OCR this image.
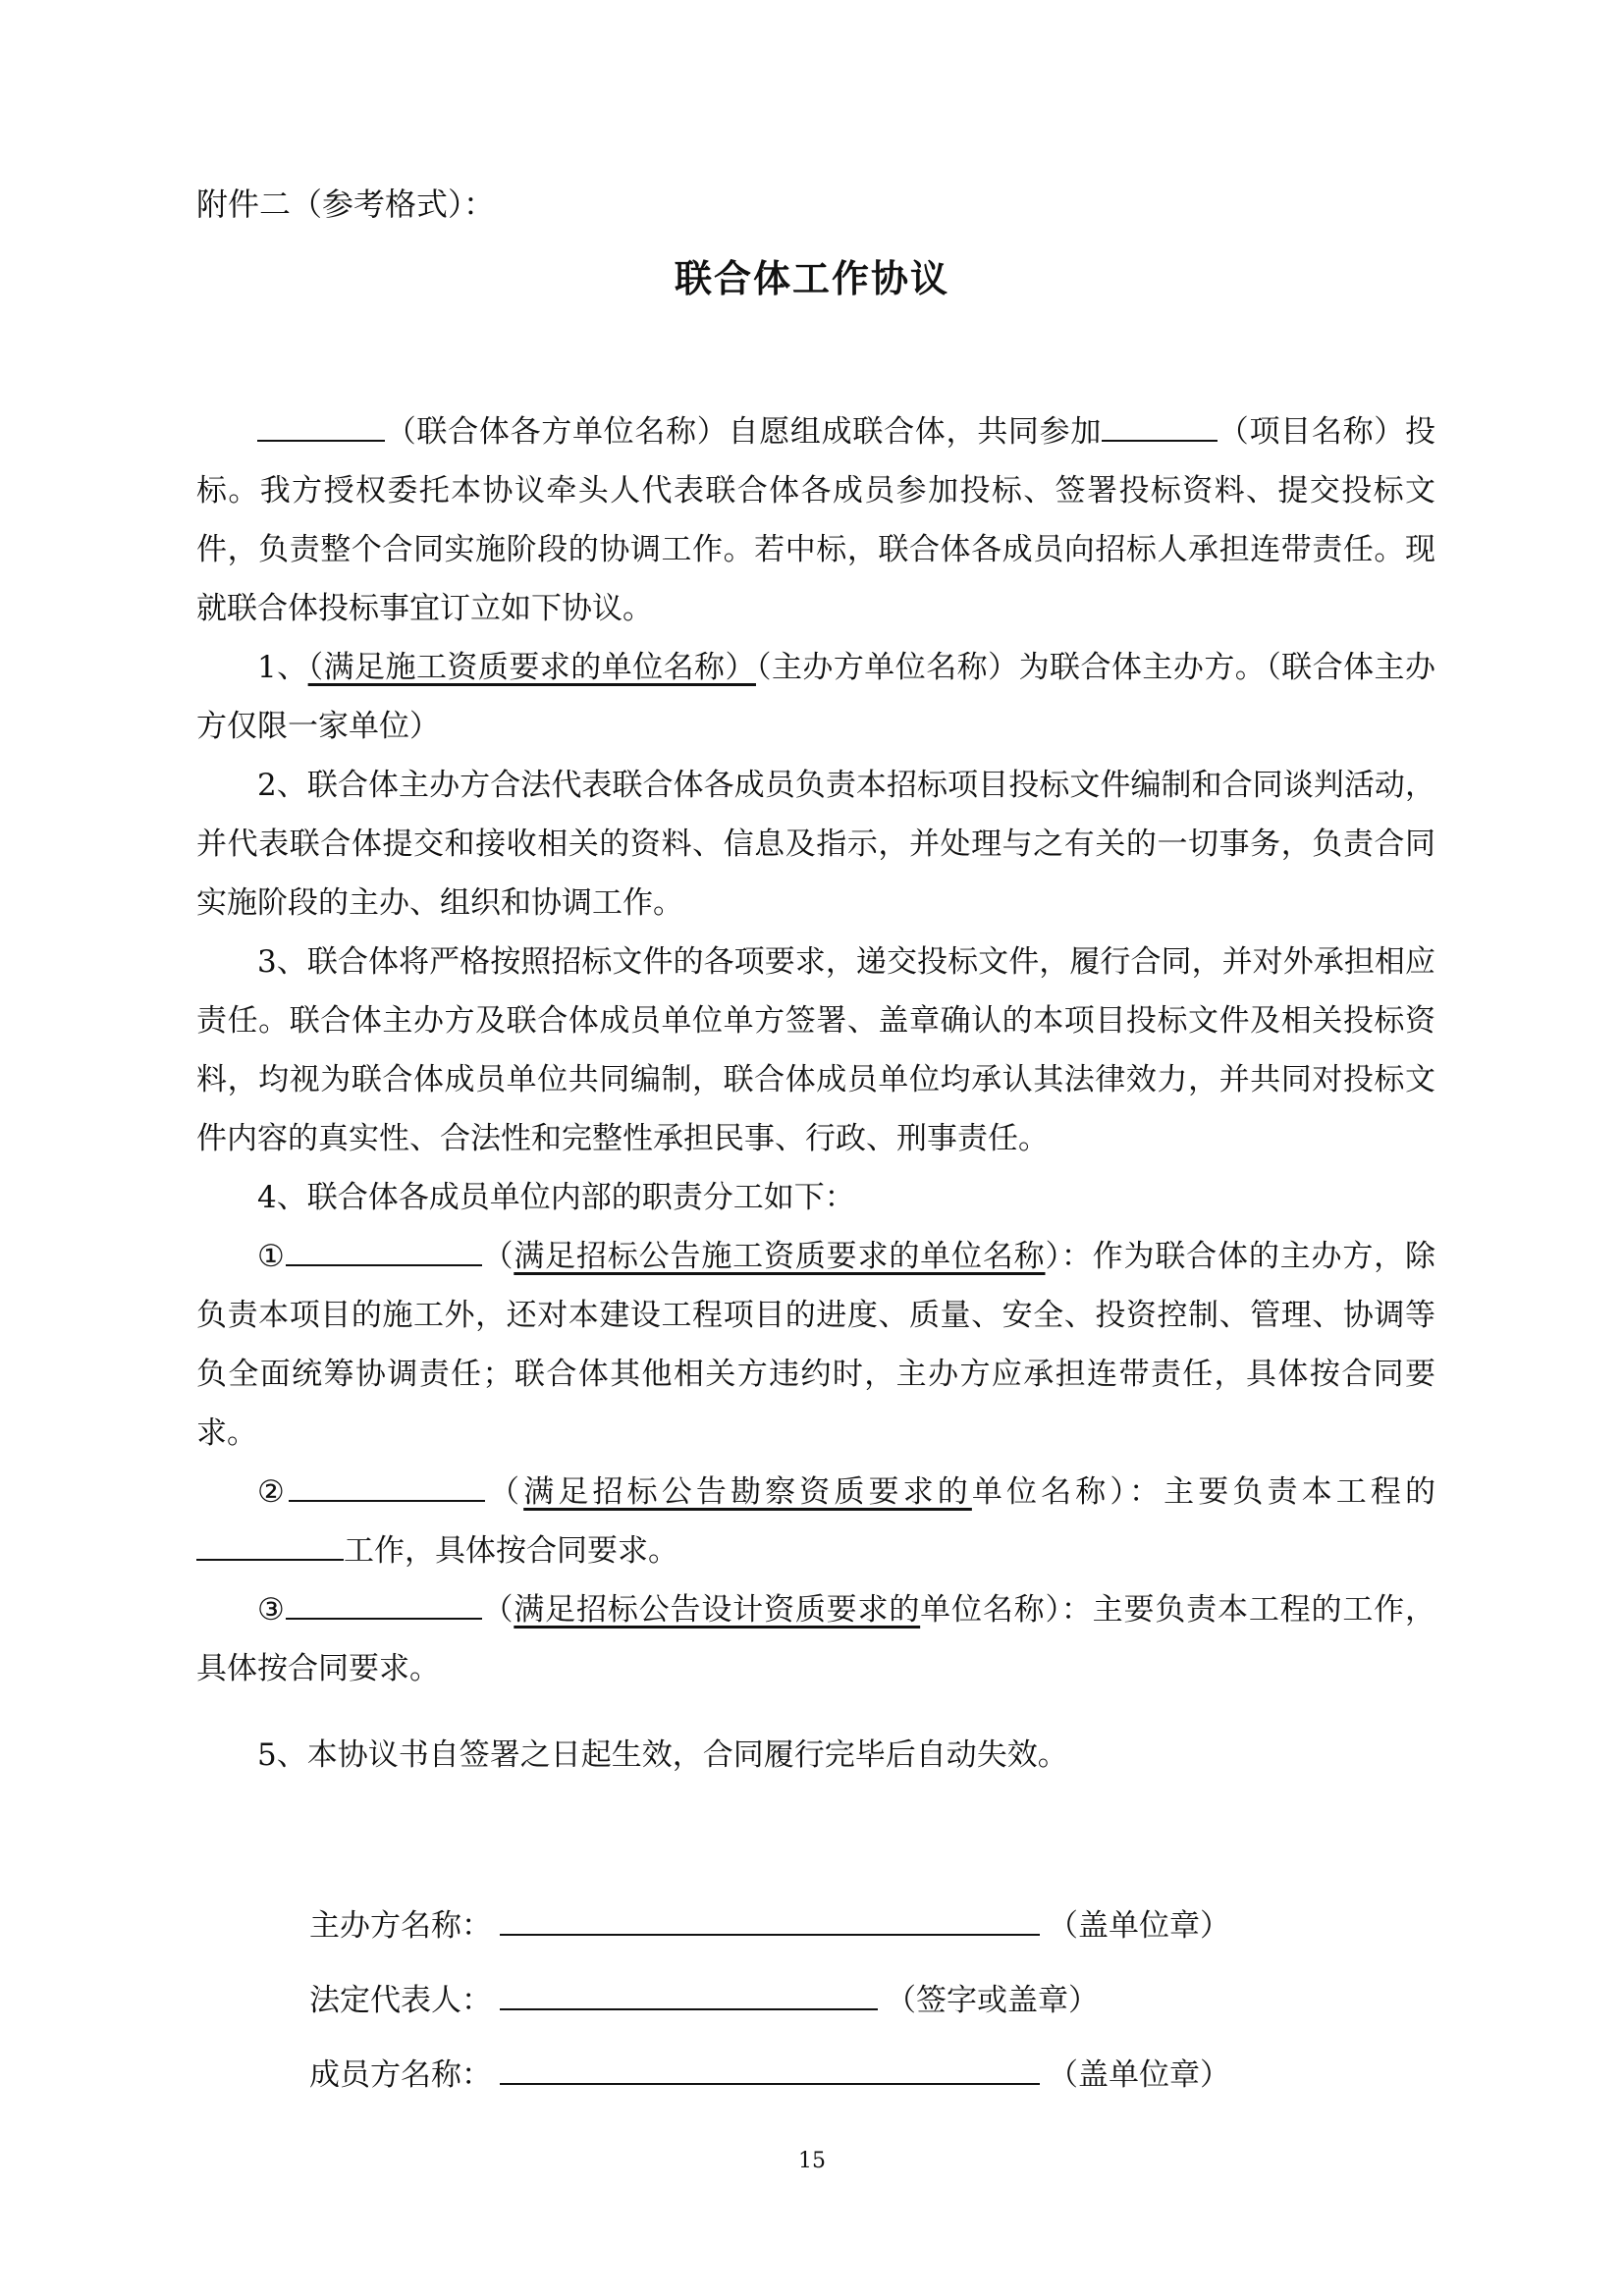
附件二（参考格式）：
联合体工作协议

（联合体各方单位名称）自愿组成联合体，共同参加	（项目名称）投标。我方授权委托本协议牵头人代表联合体各成员参加投标、签署投标资料、提交投标文件，负责整个合同实施阶段的协调工作。若中标，联合体各成员向招标人承担连带责任。现就联合体投标事宜订立如下协议。

1、（满足施工资质要求的单位名称）（主办方单位名称）为联合体主办方。（联合体主办方仅限一家单位）

2、联合体主办方合法代表联合体各成员负责本招标项目投标文件编制和合同谈判活动，并代表联合体提交和接收相关的资料、信息及指示，并处理与之有关的一切事务，负责合同实施阶段的主办、组织和协调工作。

3、联合体将严格按照招标文件的各项要求，递交投标文件，履行合同，并对外承担相应责任。联合体主办方及联合体成员单位单方签署、盖章确认的本项目投标文件及相关投标资料，均视为联合体成员单位共同编制，联合体成员单位均承认其法律效力，并共同对投标文件内容的真实性、合法性和完整性承担民事、行政、刑事责任。

4、联合体各成员单位内部的职责分工如下：

①	（满足招标公告施工资质要求的单位名称）：作为联合体的主办方，除负责本项目的施工外，还对本建设工程项目的进度、质量、安全、投资控制、管理、协调等负全面统筹协调责任；联合体其他相关方违约时，主办方应承担连带责任，具体按合同要求。

②	（满足招标公告勘察资质要求的单位名称）：主要负责本工程的工作，具体按合同要求。

③	（满足招标公告设计资质要求的单位名称）：主要负责本工程的工作，具体按合同要求。

5、本协议书自签署之日起生效，合同履行完毕后自动失效。

主办方名称：	（盖单位章）
法定代表人：	（签字或盖章）
成员方名称：	（盖单位章）
15
